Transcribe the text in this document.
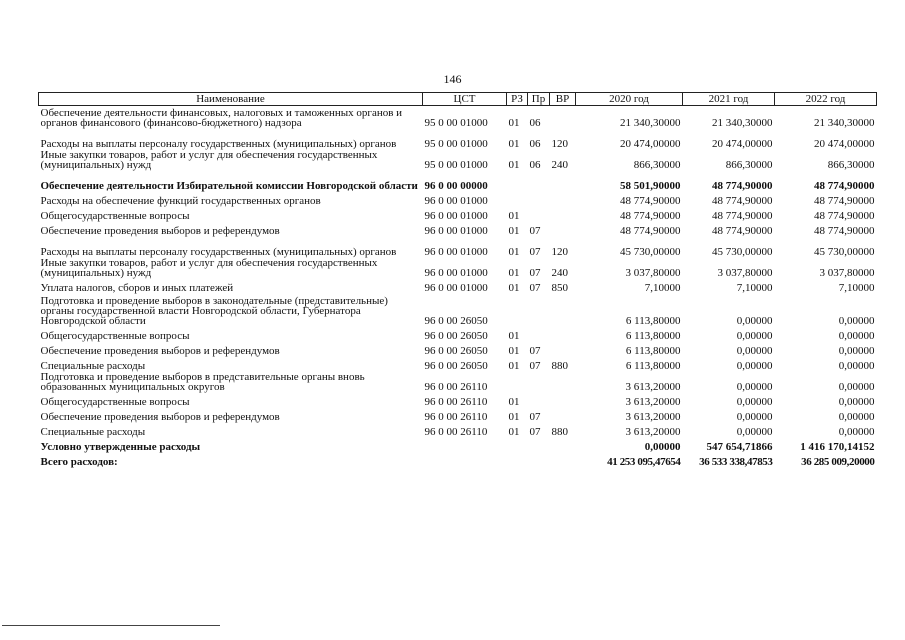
146
Наименование	ЦСТ	РЗ	Пр	ВР	2020 год	2021 год	2022 год
Обеспечение деятельности финансовых, налоговых и таможенных органов и органов финансового (финансово-бюджетного) надзора	95 0 00 01000	01	06		21 340,30000	21 340,30000	21 340,30000
Расходы на выплаты персоналу государственных (муниципальных) органов	95 0 00 01000	01	06	120	20 474,00000	20 474,00000	20 474,00000
Иные закупки товаров, работ и услуг для обеспечения государственных (муниципальных) нужд	95 0 00 01000	01	06	240	866,30000	866,30000	866,30000
Обеспечение деятельности Избирательной комиссии Новгородской области	96 0 00 00000				58 501,90000	48 774,90000	48 774,90000
Расходы на обеспечение функций государственных органов	96 0 00 01000				48 774,90000	48 774,90000	48 774,90000
Общегосударственные вопросы	96 0 00 01000	01			48 774,90000	48 774,90000	48 774,90000
Обеспечение проведения выборов и референдумов	96 0 00 01000	01	07		48 774,90000	48 774,90000	48 774,90000
Расходы на выплаты персоналу государственных (муниципальных) органов	96 0 00 01000	01	07	120	45 730,00000	45 730,00000	45 730,00000
Иные закупки товаров, работ и услуг для обеспечения государственных (муниципальных) нужд	96 0 00 01000	01	07	240	3 037,80000	3 037,80000	3 037,80000
Уплата налогов, сборов и иных платежей	96 0 00 01000	01	07	850	7,10000	7,10000	7,10000
Подготовка и проведение выборов в законодательные (представительные) органы государственной власти Новгородской области, Губернатора Новгородской области	96 0 00 26050				6 113,80000	0,00000	0,00000
Общегосударственные вопросы	96 0 00 26050	01			6 113,80000	0,00000	0,00000
Обеспечение проведения выборов и референдумов	96 0 00 26050	01	07		6 113,80000	0,00000	0,00000
Специальные расходы	96 0 00 26050	01	07	880	6 113,80000	0,00000	0,00000
Подготовка и проведение выборов в представительные органы вновь образованных муниципальных округов	96 0 00 26110				3 613,20000	0,00000	0,00000
Общегосударственные вопросы	96 0 00 26110	01			3 613,20000	0,00000	0,00000
Обеспечение проведения выборов и референдумов	96 0 00 26110	01	07		3 613,20000	0,00000	0,00000
Специальные расходы	96 0 00 26110	01	07	880	3 613,20000	0,00000	0,00000
Условно утвержденные расходы					0,00000	547 654,71866	1 416 170,14152
Всего расходов:					41 253 095,47654	36 533 338,47853	36 285 009,20000
